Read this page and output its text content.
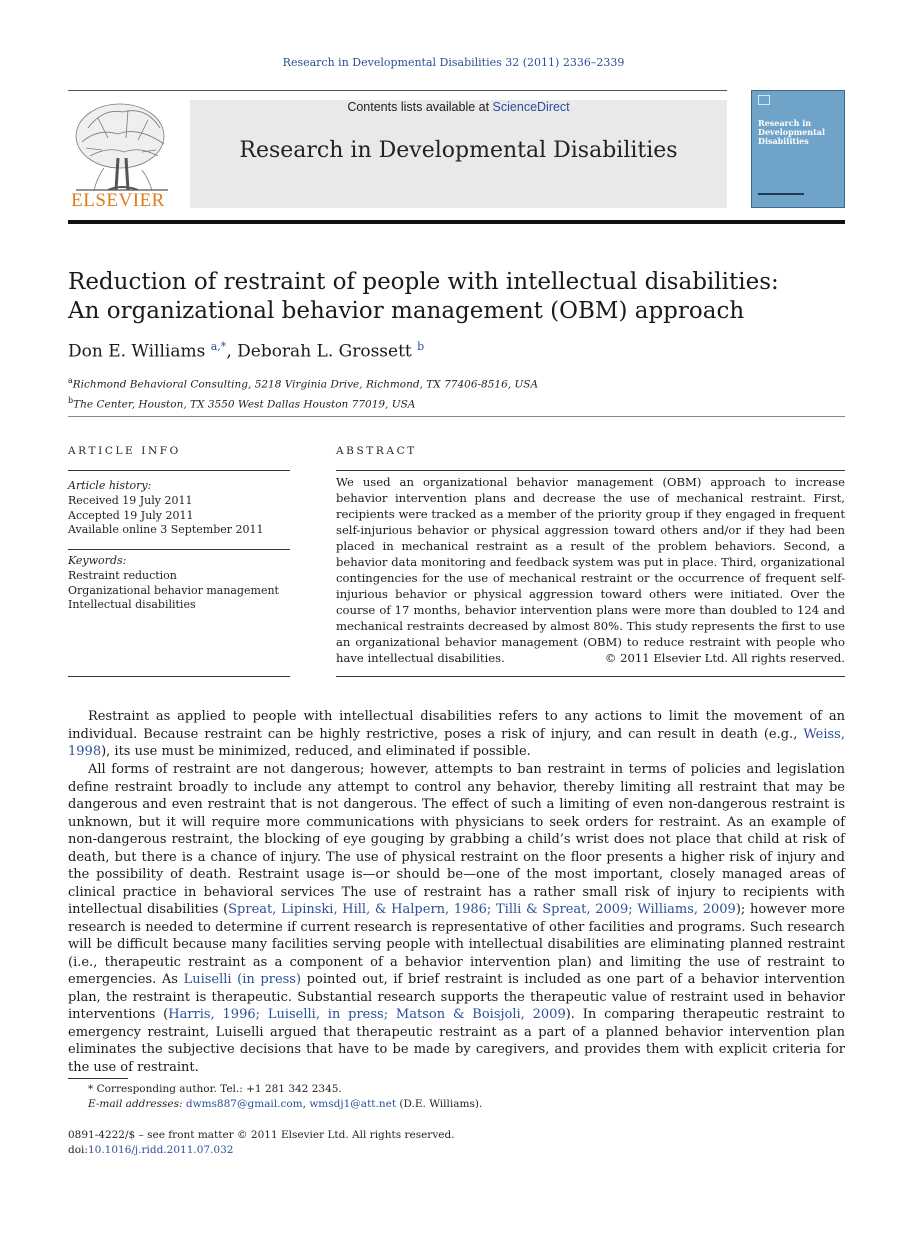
Research in Developmental Disabilities 32 (2011) 2336–2339
ELSEVIER
Contents lists available at ScienceDirect
Research in Developmental Disabilities
Research in Developmental Disabilities
Reduction of restraint of people with intellectual disabilities:
An organizational behavior management (OBM) approach
Don E. Williams $^{a,*}$, Deborah L. Grossett $^b$
$^a$Richmond Behavioral Consulting, 5218 Virginia Drive, Richmond, TX 77406-8516, USA
$^b$The Center, Houston, TX 3550 West Dallas Houston 77019, USA
ARTICLE INFO	ABSTRACT
Article history:
Received 19 July 2011
Accepted 19 July 2011
Available online 3 September 2011
Keywords:
Restraint reduction
Organizational behavior management
Intellectual disabilities
We used an organizational behavior management (OBM) approach to increase behavior intervention plans and decrease the use of mechanical restraint. First, recipients were tracked as a member of the priority group if they engaged in frequent self-injurious behavior or physical aggression toward others and/or if they had been placed in mechanical restraint as a result of the problem behaviors. Second, a behavior data monitoring and feedback system was put in place. Third, organizational contingencies for the use of mechanical restraint or the occurrence of frequent self-injurious behavior or physical aggression toward others were initiated. Over the course of 17 months, behavior intervention plans were more than doubled to 124 and mechanical restraints decreased by almost 80%. This study represents the first to use an organizational behavior management (OBM) to reduce restraint with people who have intellectual disabilities.	© 2011 Elsevier Ltd. All rights reserved.
Restraint as applied to people with intellectual disabilities refers to any actions to limit the movement of an individual. Because restraint can be highly restrictive, poses a risk of injury, and can result in death (e.g., Weiss, 1998), its use must be minimized, reduced, and eliminated if possible.
All forms of restraint are not dangerous; however, attempts to ban restraint in terms of policies and legislation define restraint broadly to include any attempt to control any behavior, thereby limiting all restraint that may be dangerous and even restraint that is not dangerous. The effect of such a limiting of even non-dangerous restraint is unknown, but it will require more communications with physicians to seek orders for restraint. As an example of non-dangerous restraint, the blocking of eye gouging by grabbing a child’s wrist does not place that child at risk of death, but there is a chance of injury. The use of physical restraint on the floor presents a higher risk of injury and the possibility of death. Restraint usage is—or should be—one of the most important, closely managed areas of clinical practice in behavioral services The use of restraint has a rather small risk of injury to recipients with intellectual disabilities (Spreat, Lipinski, Hill, & Halpern, 1986; Tilli & Spreat, 2009; Williams, 2009); however more research is needed to determine if current research is representative of other facilities and programs. Such research will be difficult because many facilities serving people with intellectual disabilities are eliminating planned restraint (i.e., therapeutic restraint as a component of a behavior intervention plan) and limiting the use of restraint to emergencies. As Luiselli (in press) pointed out, if brief restraint is included as one part of a behavior intervention plan, the restraint is therapeutic. Substantial research supports the therapeutic value of restraint used in behavior interventions (Harris, 1996; Luiselli, in press; Matson & Boisjoli, 2009). In comparing therapeutic restraint to emergency restraint, Luiselli argued that therapeutic restraint as a part of a planned behavior intervention plan eliminates the subjective decisions that have to be made by caregivers, and provides them with explicit criteria for the use of restraint.
* Corresponding author. Tel.: +1 281 342 2345.
E-mail addresses: dwms887@gmail.com, wmsdj1@att.net (D.E. Williams).
0891-4222/$ – see front matter © 2011 Elsevier Ltd. All rights reserved.
doi:10.1016/j.ridd.2011.07.032
